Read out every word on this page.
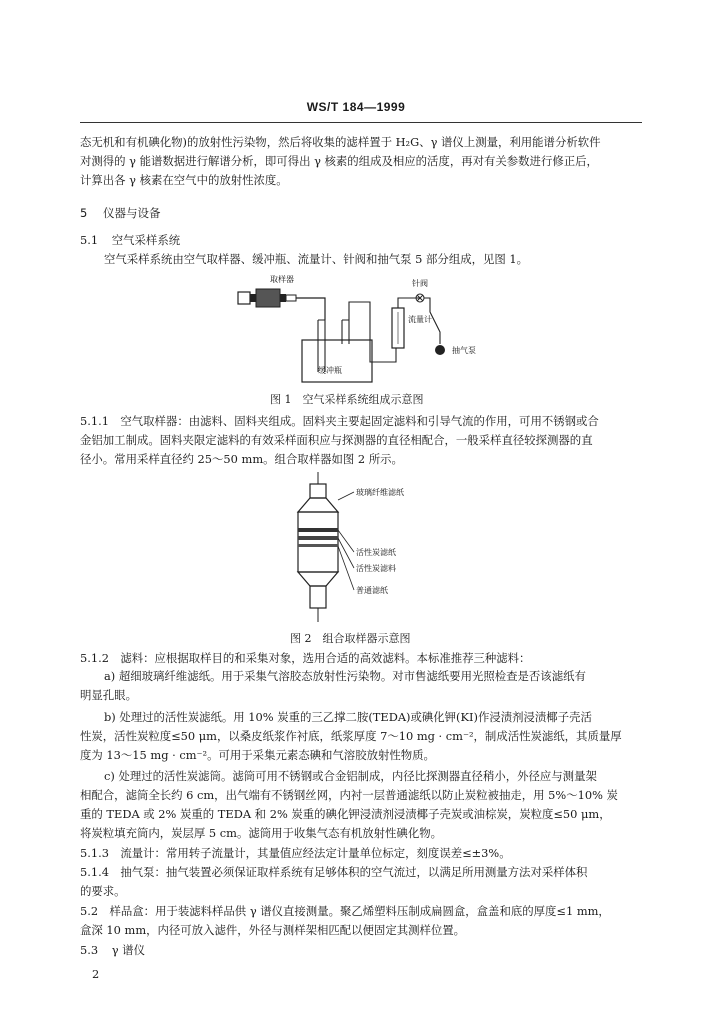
WS/T 184—1999
态无机和有机碘化物)的放射性污染物，然后将收集的滤样置于 H₂G、γ 谱仪上测量，利用能谱分析软件
对测得的 γ 能谱数据进行解谱分析，即可得出 γ 核素的组成及相应的活度，再对有关参数进行修正后，
计算出各 γ 核素在空气中的放射性浓度。
5 仪器与设备
5.1 空气采样系统
空气采样系统由空气取样器、缓冲瓶、流量计、针阀和抽气泵 5 部分组成，见图 1。
取样器
缓冲瓶
流量计
针阀
抽气泵
图 1　空气采样系统组成示意图
5.1.1　空气取样器：由滤料、固料夹组成。固料夹主要起固定滤料和引导气流的作用，可用不锈钢或合
金铝加工制成。固料夹限定滤料的有效采样面积应与探测器的直径相配合，一般采样直径较探测器的直
径小。常用采样直径约 25～50 mm。组合取样器如图 2 所示。
玻璃纤维滤纸
活性炭滤纸
活性炭滤料
普通滤纸
图 2　组合取样器示意图
5.1.2　滤料：应根据取样目的和采集对象，选用合适的高效滤料。本标准推荐三种滤料：
a) 超细玻璃纤维滤纸。用于采集气溶胶态放射性污染物。对市售滤纸要用光照检查是否该滤纸有
明显孔眼。
b) 处理过的活性炭滤纸。用 10% 炭重的三乙撑二胺(TEDA)或碘化钾(KI)作浸渍剂浸渍椰子壳活
性炭，活性炭粒度≤50 μm，以桑皮纸浆作衬底，纸浆厚度 7～10 mg · cm⁻²，制成活性炭滤纸，其质量厚
度为 13～15 mg · cm⁻²。可用于采集元素态碘和气溶胶放射性物质。
c) 处理过的活性炭滤筒。滤筒可用不锈钢或合金铝制成，内径比探测器直径稍小，外径应与测量架
相配合，滤筒全长约 6 cm，出气端有不锈钢丝网，内衬一层普通滤纸以防止炭粒被抽走，用 5%～10% 炭
重的 TEDA 或 2% 炭重的 TEDA 和 2% 炭重的碘化钾浸渍剂浸渍椰子壳炭或油棕炭，炭粒度≤50 μm，
将炭粒填充筒内，炭层厚 5 cm。滤筒用于收集气态有机放射性碘化物。
5.1.3　流量计：常用转子流量计，其量值应经法定计量单位标定，刻度误差≤±3%。
5.1.4　抽气泵：抽气装置必须保证取样系统有足够体积的空气流过，以满足所用测量方法对采样体积
的要求。
5.2　样品盒：用于装滤料样品供 γ 谱仪直接测量。聚乙烯塑料压制成扁圆盒，盒盖和底的厚度≤1 mm，
盒深 10 mm，内径可放入滤件，外径与测样架相匹配以便固定其测样位置。
5.3 γ 谱仪
2
